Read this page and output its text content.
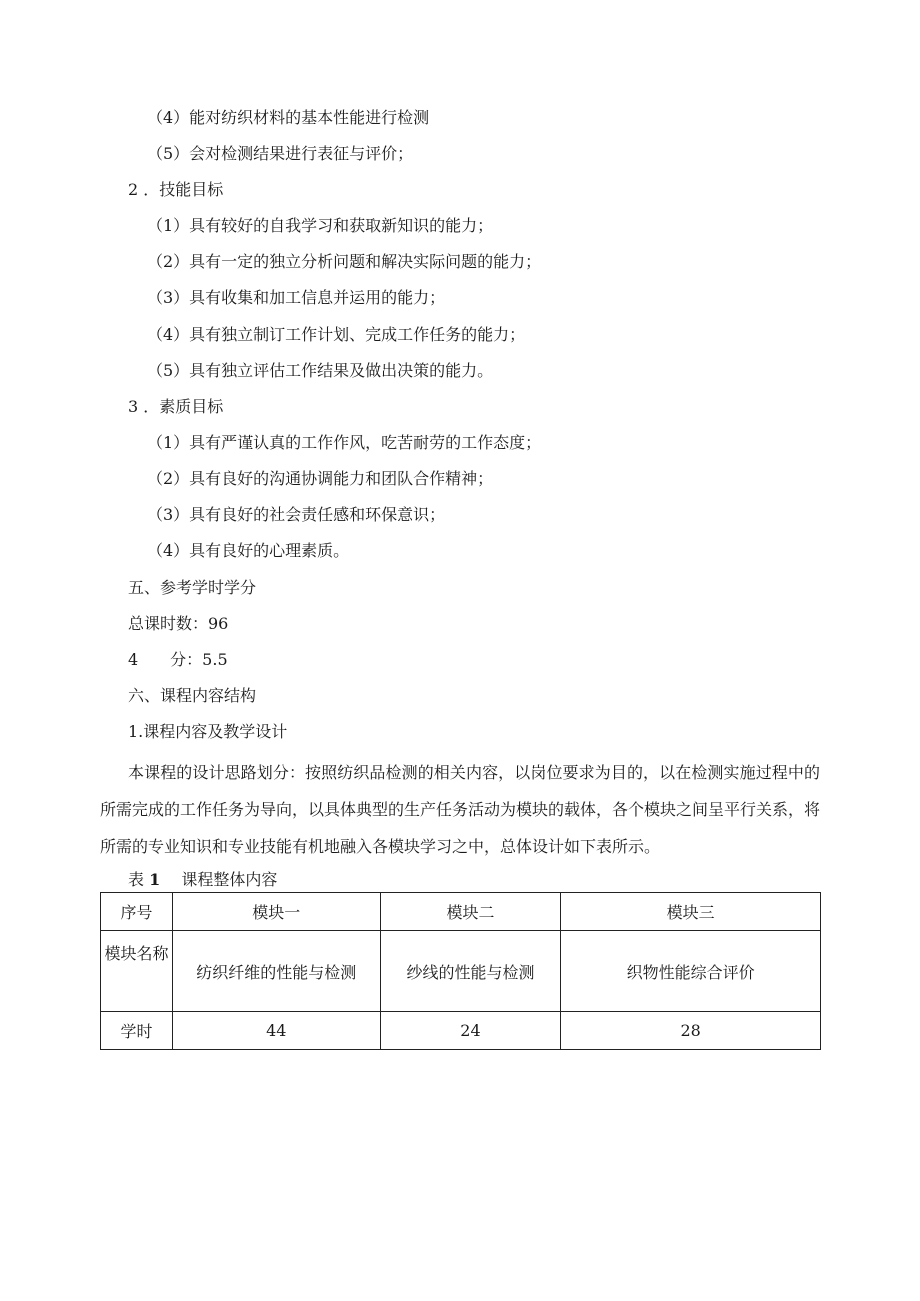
（4）能对纺织材料的基本性能进行检测
（5）会对检测结果进行表征与评价；
2 ．技能目标
（1）具有较好的自我学习和获取新知识的能力；
（2）具有一定的独立分析问题和解决实际问题的能力；
（3）具有收集和加工信息并运用的能力；
（4）具有独立制订工作计划、完成工作任务的能力；
（5）具有独立评估工作结果及做出决策的能力。
3 ．素质目标
（1）具有严谨认真的工作作风，吃苦耐劳的工作态度；
（2）具有良好的沟通协调能力和团队合作精神；
（3）具有良好的社会责任感和环保意识；
（4）具有良好的心理素质。
五、参考学时学分
总课时数：96
4　　分：5.5
六、课程内容结构
1.课程内容及教学设计

本课程的设计思路划分：按照纺织品检测的相关内容，以岗位要求为目的，以在检测实施过程中的所需完成的工作任务为导向，以具体典型的生产任务活动为模块的载体，各个模块之间呈平行关系，将所需的专业知识和专业技能有机地融入各模块学习之中，总体设计如下表所示。

表 1　 课程整体内容
序号	模块一	模块二	模块三
模块名称	纺织纤维的性能与检测	纱线的性能与检测	织物性能综合评价
学时	44	24	28
